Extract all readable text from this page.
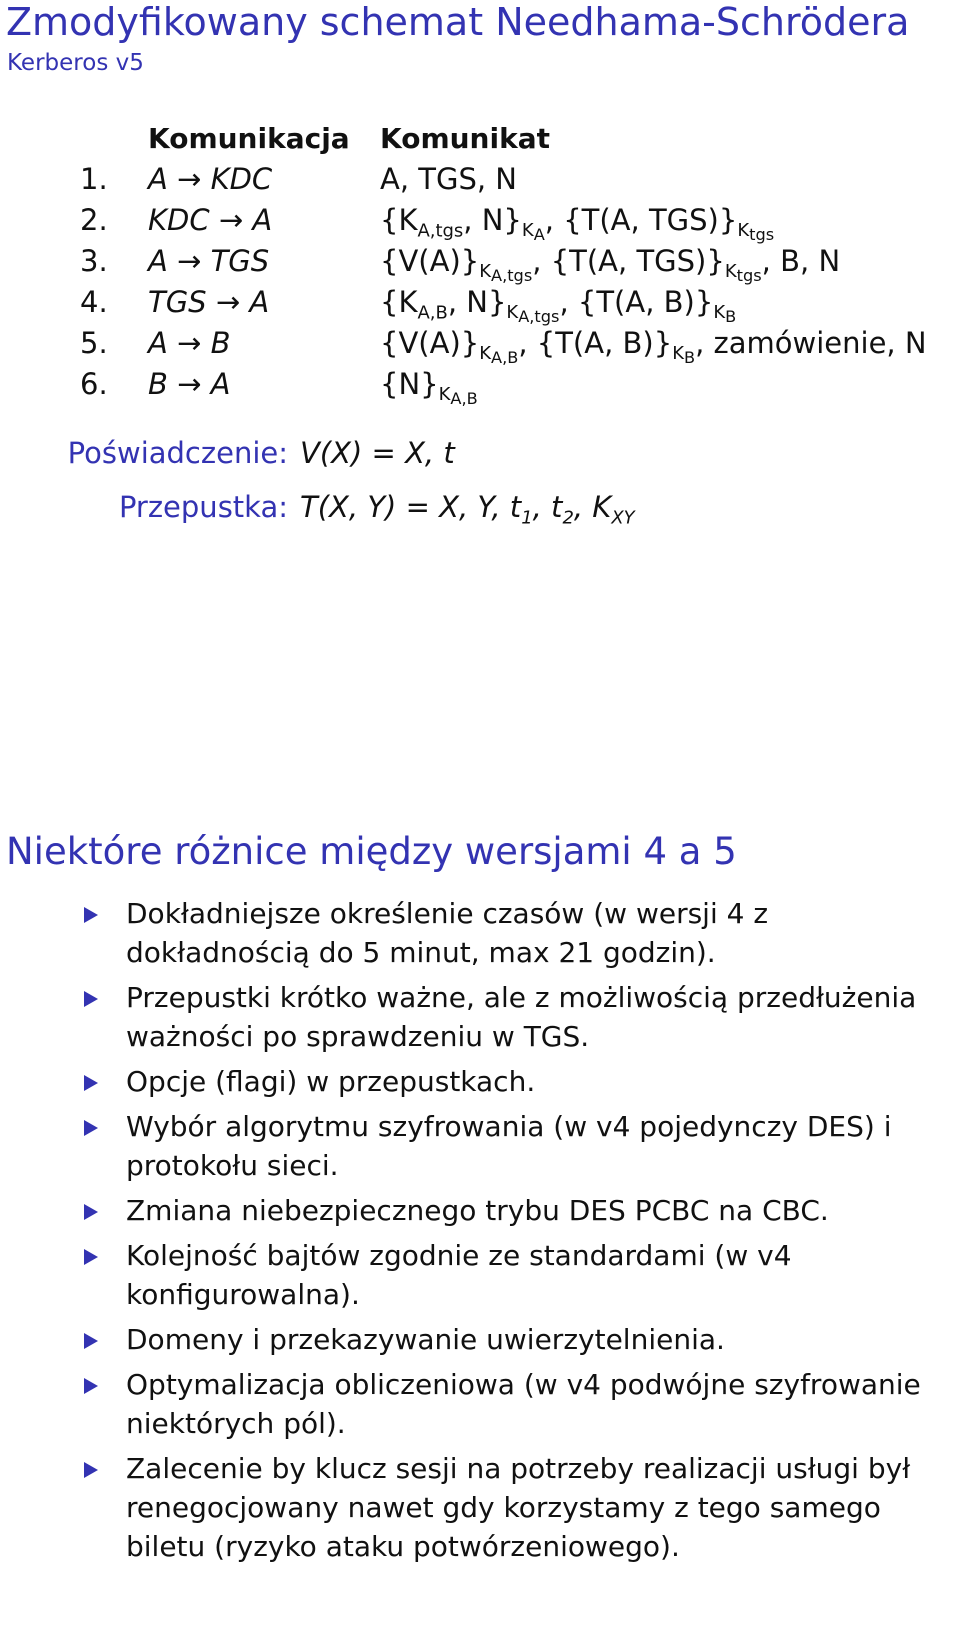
Zmodyfikowany schemat Needhama-Schrödera
Kerberos v5
Komunikacja Komunikat
1. A → KDC	A, TGS, N
2. KDC → A	{$K_{A,tgs}$, $N\}_{K_A}$, {T(A, $TGS)\}_{K_{tgs}}$
3. A → TGS	$\{V(A)\}_{K_{A,tgs}}$, {T(A, $TGS)\}_{K_{tgs}}$, B, N
4. TGS → A	{$K_{A,B}$, $N\}_{K_{A,tgs}}$, {T(A, $B)\}_{K_B}$
5. A → B	$\{V(A)\}_{K_{A,B}}$, {T(A, $B)\}_{K_B}$, zamówienie, N
6. B → A	$\{N\}_{K_{A,B}}$
Poświadczenie: V(X) = X, t
Przepustka: T(X, Y) = X, Y, $t_1$, $t_2$, $K_{XY}$
Niektóre różnice między wersjami 4 a 5
Dokładniejsze określenie czasów (w wersji 4 z
dokładnością do 5 minut, max 21 godzin).
Przepustki krótko ważne, ale z możliwością przedłużenia
ważności po sprawdzeniu w TGS.
Opcje (flagi) w przepustkach.
Wybór algorytmu szyfrowania (w v4 pojedynczy DES) i
protokołu sieci.
Zmiana niebezpiecznego trybu DES PCBC na CBC.
Kolejność bajtów zgodnie ze standardami (w v4
konfigurowalna).
Domeny i przekazywanie uwierzytelnienia.
Optymalizacja obliczeniowa (w v4 podwójne szyfrowanie
niektórych pól).
Zalecenie by klucz sesji na potrzeby realizacji usługi był
renegocjowany nawet gdy korzystamy z tego samego
biletu (ryzyko ataku potwórzeniowego).
